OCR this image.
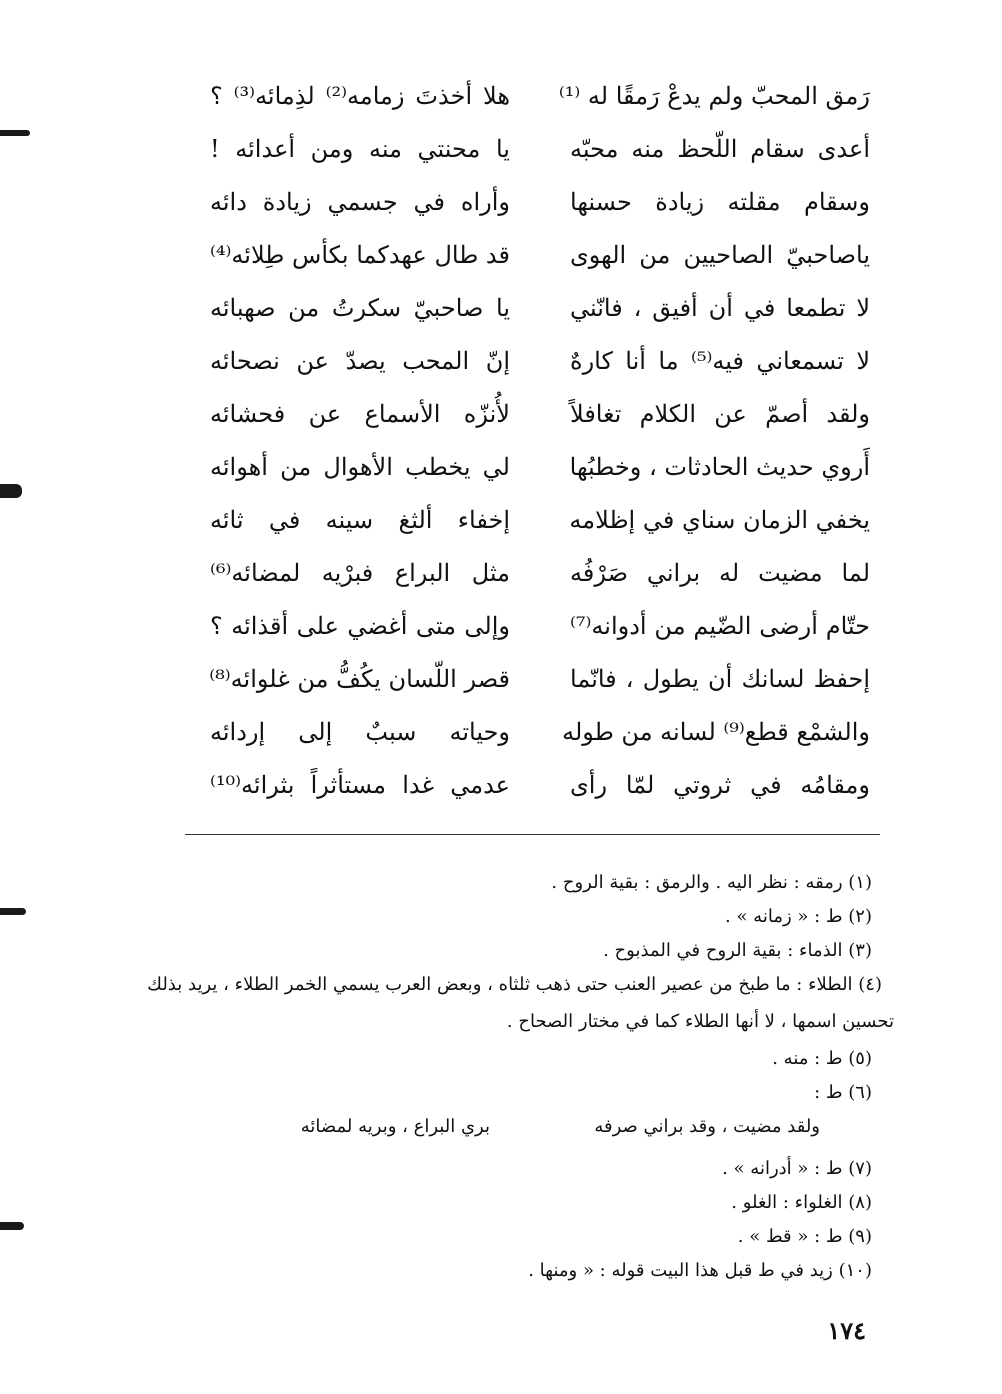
رَمق المحبّ ولم يدعْ رَمقًا له ⁽¹⁾
هلا أخذتَ زمامه⁽²⁾ لذِمائه⁽³⁾ ؟
أعدى سقام اللّحظ منه محبّه
يا محنتي منه ومن أعدائه !
وسقام مقلته زيادة حسنها
وأراه في جسمي زيادة دائه
ياصاحبيّ الصاحيين من الهوى
قد طال عهدكما بكأس طِلائه⁽⁴⁾
لا تطمعا في أن أفيق ، فانّني
يا صاحبيّ سكرتُ من صهبائه
لا تسمعاني فيه⁽⁵⁾ ما أنا كارهٌ
إنّ المحب يصدّ عن نصحائه
ولقد أصمّ عن الكلام تغافلاً
لأُنزّه الأسماع عن فحشائه
أَروي حديث الحادثات ، وخطبُها
لي يخطب الأهوال من أهوائه
يخفي الزمان سناي في إظلامه
إخفاء ألثغ سينه في ثائه
لما مضيت له براني صَرْفُه
مثل البراع فبرْيه لمضائه⁽⁶⁾
حتّام أرضى الضّيم من أدوانه⁽⁷⁾
وإلى متى أغضي على أقذائه ؟
إحفظ لسانك أن يطول ، فانّما
قصر اللّسان يكُفُّ من غلوائه⁽⁸⁾
والشمْع قطع⁽⁹⁾ لسانه من طوله
وحياته سببٌ إلى إردائه
ومقامُه في ثروتي لمّا رأى
عدمي غدا مستأثراً بثرائه⁽¹⁰⁾
(١) رمقه : نظر اليه . والرمق : بقية الروح .
(٢) ط : « زمانه » .
(٣) الذماء : بقية الروح في المذبوح .
(٤) الطلاء : ما طبخ من عصير العنب حتى ذهب ثلثاه ، وبعض العرب يسمي الخمر الطلاء ، يريد بذلك
تحسين اسمها ، لا أنها الطلاء كما في مختار الصحاح .
(٥) ط : منه .
(٦) ط :
ولقد مضيت ، وقد براني صرفه
بري البراع ، وبريه لمضائه
(٧) ط : « أدرانه » .
(٨) الغلواء : الغلو .
(٩) ط : « قط » .
(١٠) زيد في ط قبل هذا البيت قوله : « ومنها .
١٧٤
